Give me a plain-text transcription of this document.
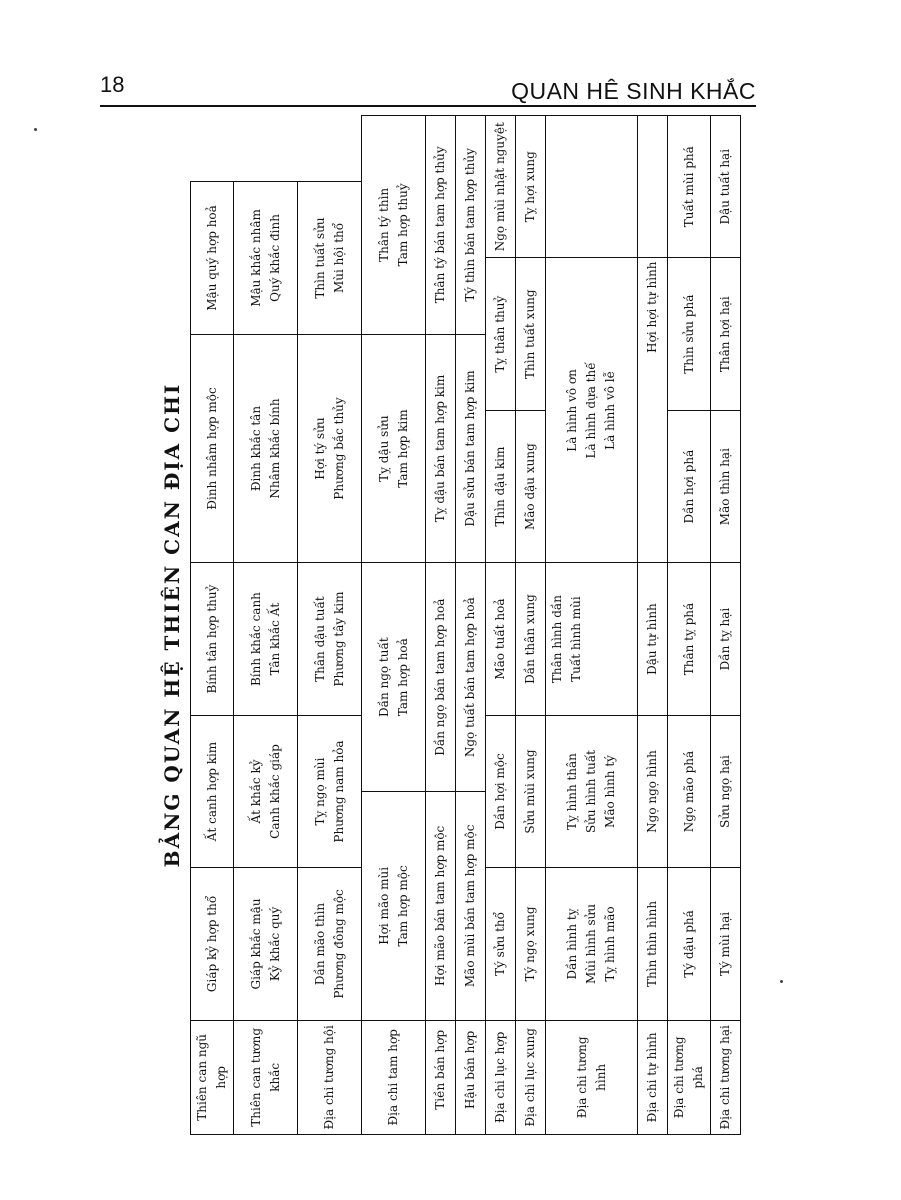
18	QUAN HÊ SINH KHẮC
BẢNG QUAN HỆ THIÊN CAN ĐỊA CHI
Thiên can ngũ hợp	Giáp kỷ hợp thổ	Ất canh hợp kim		Bính tân hợp thuỷ	Đinh nhâm hợp mộc		Mậu quý hợp hoả	
Thiên can tương khắc	Giáp khắc mậu Kỷ khắc quý	Ất khắc kỷ Canh khắc giáp		Bính khắc canh Tân khắc Ất	Đinh khắc tân Nhâm khắc bính		Mậu khắc nhâm Quý khắc đinh	

Địa chi tương hội	Dần mão thìn Phương đông mộc	Tỵ ngọ mùi Phương nam hỏa		Thân dậu tuất Phương tây kim	Hợi tý sửu Phương bắc thủy		Thìn tuất sửu Mùi hội thổ	

Địa chi tam hợp	Hợi mão mùi Tam hợp mộc		Dần ngọ tuất Tam hợp hoả		Tỵ dậu sửu Tam hợp kim		Thân tý thìn Tam hợp thuỷ	

Tiền bán hợp	Hợi mão bán tam hợp mộc		Dần ngọ bán tam hợp hoả		Tỵ dậu bán tam hợp kim		Thân tý bán tam hợp thủy	
Hậu bán hợp	Mão mùi bán tam hợp mộc		Ngọ tuất bán tam hợp hoả		Dậu sửu bán tam hợp kim		Tý thìn bán tam hợp thủy	
Địa chi lục hợp	Tý sửu thổ	Dần hợi mộc		Mão tuất hoả	Thìn dậu kim	Tỵ thân thuỷ		Ngọ mùi nhật nguyệt
Địa chi lục xung	Tý ngọ xung	Sửu mùi xung		Dần thân xung	Mão dậu xung	Thìn tuất xung		Tỵ hợi xung
Địa chi tương hình	Dần hình tỵ Mùi hình sửu Tỵ hình mão	Tỵ hình thân Sửu hình tuất Mão hình tý		Thân hình dần Tuất hình mùi	Là hình vô ơn Là hình dựa thế Là hình vô lễ			

Địa chi tự hình	Thìn thìn hình	Ngọ ngọ hình		Dậu tự hình	Hợi hợi tự hình			
Địa chi tương phá	Tý dậu phá	Ngọ mão phá		Thân tỵ phá	Dần hợi phá	Thìn sửu phá		Tuất mùi phá
Địa chi tương hại	Tý mùi hại	Sửu ngọ hại		Dần tỵ hại	Mão thìn hại	Thân hợi hại		Dậu tuất hại
